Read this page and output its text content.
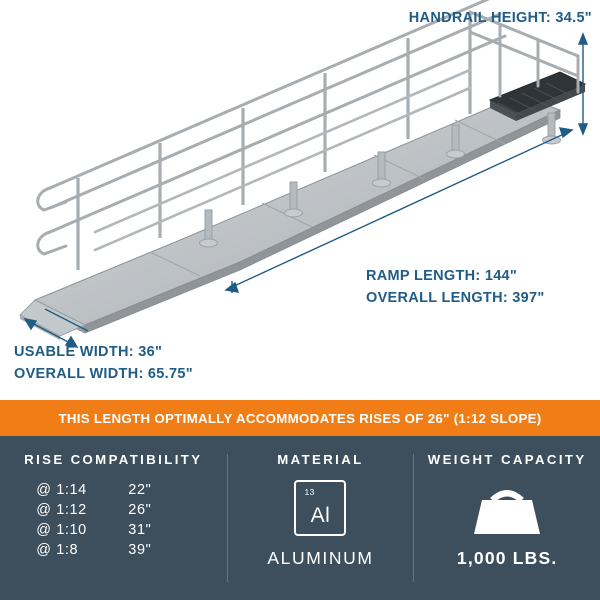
HANDRAIL HEIGHT: 34.5"
RAMP LENGTH: 144"
OVERALL LENGTH: 397"
USABLE WIDTH: 36"
OVERALL WIDTH: 65.75"
THIS LENGTH OPTIMALLY ACCOMMODATES RISES OF 26" (1:12 SLOPE)
RISE COMPATIBILITY
@ 1:14	22"
@ 1:12	26"
@ 1:10	31"
@ 1:8	39"
MATERIAL
13
Al
ALUMINUM
WEIGHT CAPACITY
1,000 LBS.
